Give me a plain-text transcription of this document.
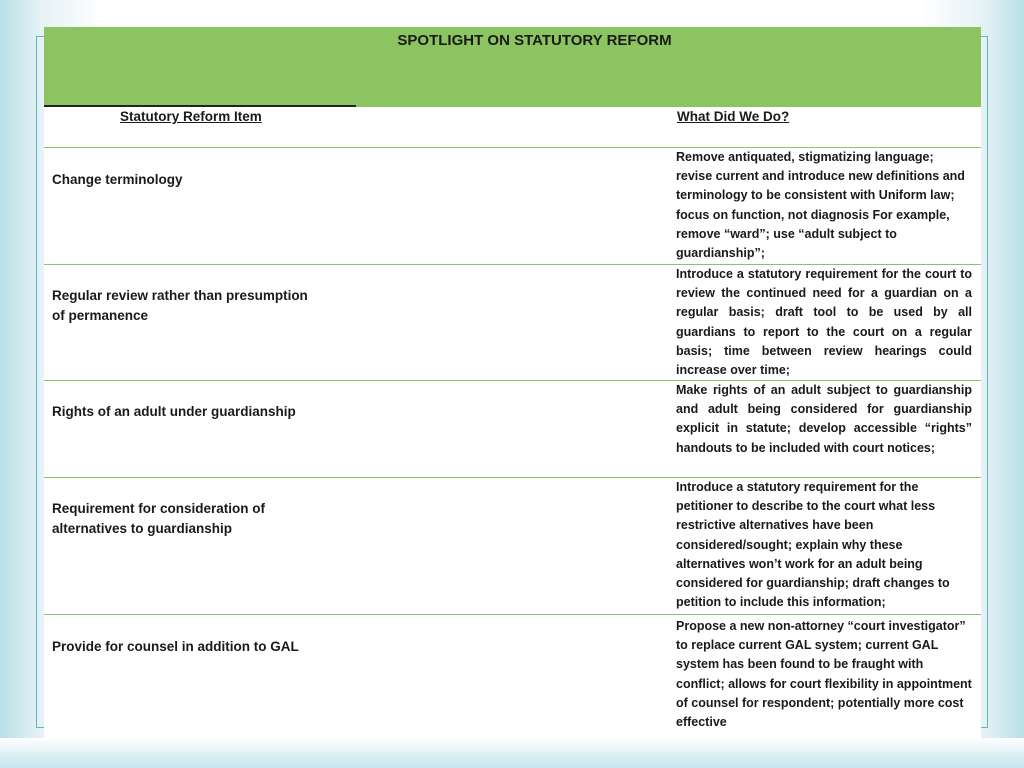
SPOTLIGHT ON STATUTORY REFORM
Statutory Reform Item	What Did We Do?
Change terminology
Remove antiquated, stigmatizing language; revise current and introduce new definitions and terminology to be consistent with Uniform law; focus on function, not diagnosis For example, remove “ward”; use “adult subject to guardianship”;
Regular review rather than presumption
of permanence
Introduce a statutory requirement for the court to review the continued need for a guardian on a regular basis; draft tool to be used by all guardians to report to the court on a regular basis; time between review hearings could increase over time;
Rights of an adult under guardianship
Make rights of an adult subject to guardianship and adult being considered for guardianship explicit in statute; develop accessible “rights” handouts to be included with court notices;
Requirement for consideration of
alternatives to guardianship
Introduce a statutory requirement for the petitioner to describe to the court what less restrictive alternatives have been considered/sought; explain why these alternatives won’t work for an adult being considered for guardianship; draft changes to petition to include this information;
Provide for counsel in addition to GAL
Propose a new non-attorney “court investigator” to replace current GAL system; current GAL system has been found to be fraught with conflict; allows for court flexibility in appointment of counsel for respondent; potentially more cost effective
